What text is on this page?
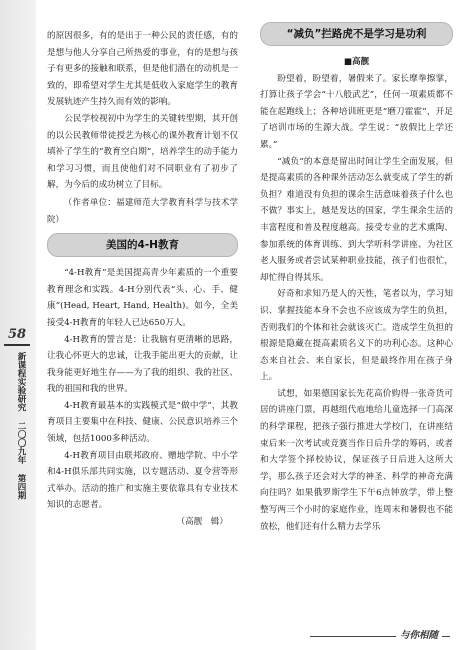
58
新课程实验研究 二〇〇九年 第四期

的原因很多，有的是出于一种公民的责任感，有的是想与他人分享自己所热爱的事业，有的是想与孩子有更多的接触和联系，但是他们潜在的动机是一致的，即希望对学生尤其是低收入家庭学生的教育发展轨迹产生持久而有效的影响。

公民学校视初中为学生的关键转型期，其开创的以公民教师带徒授艺为核心的课外教育计划不仅填补了学生的“教育空白期”，培养学生的动手能力和学习习惯，而且使他们对不同职业有了初步了解，为今后的成功树立了目标。

（作者单位：福建师范大学教育科学与技术学院）

美国的4-H教育

“4-H教育”是美国提高青少年素质的一个重要教育理念和实践。4-H分别代表“头、心、手、健康”(Head, Heart, Hand, Health)。如今，全美接受4-H教育的年轻人已达650万人。

4-H教育的誓言是：让我脑有更清晰的思路，让我心怀更大的忠诚，让我手能出更大的贡献，让我身能更好地生存——为了我的组织、我的社区、我的祖国和我的世界。

4-H教育最基本的实践模式是“做中学”，其教育项目主要集中在科技、健康、公民意识培养三个领域，包括1000多种活动。

4-H教育项目由联邦政府、赠地学院、中小学和4-H俱乐部共同实施，以专题活动、夏令营等形式举办。活动的推广和实施主要依靠具有专业技术知识的志愿者。

（高靓　辑）

“减负”拦路虎不是学习是功利

■高靓

盼望着，盼望着，暑假来了。家长摩拳擦掌，打算让孩子学会“十八般武艺”，任何一项素质都不能在起跑线上；各种培训班更是“磨刀霍霍”，开足了培训市场的生源大战。学生说：“放假比上学还累。”

“减负”的本意是留出时间让学生全面发展，但是提高素质的各种课外活动怎么就变成了学生的新负担？难道没有负担的课余生活意味着孩子什么也不做？事实上，越是发达的国家，学生课余生活的丰富程度和普及程度越高。接受专业的艺术熏陶、参加系统的体育训练、到大学听科学讲座、为社区老人服务或者尝试某种职业技能，孩子们也很忙，却忙得自得其乐。

好奇和求知乃是人的天性，笔者以为，学习知识、掌握技能本身不会也不应该成为学生的负担，否则我们的个体和社会就该灭亡。造成学生负担的根源是隐藏在提高素质名义下的功利心态。这种心态来自社会、来自家长，但是最终作用在孩子身上。

试想，如果德国家长先花高价购得一张奇货可居的讲座门票，再越组代庖地给儿童选择一门高深的科学课程，把孩子强行推进大学校门，在讲座结束后来一次考试或竞赛当作日后升学的筹码，或者和大学签个择校协议，保证孩子日后进入这所大学，那么孩子还会对大学的神圣、科学的神奇充满向往吗？如果俄罗斯学生下午6点钟放学，带上整整写两三个小时的家庭作业，连周末和暑假也不能放松，他们还有什么精力去学乐

与你相随
